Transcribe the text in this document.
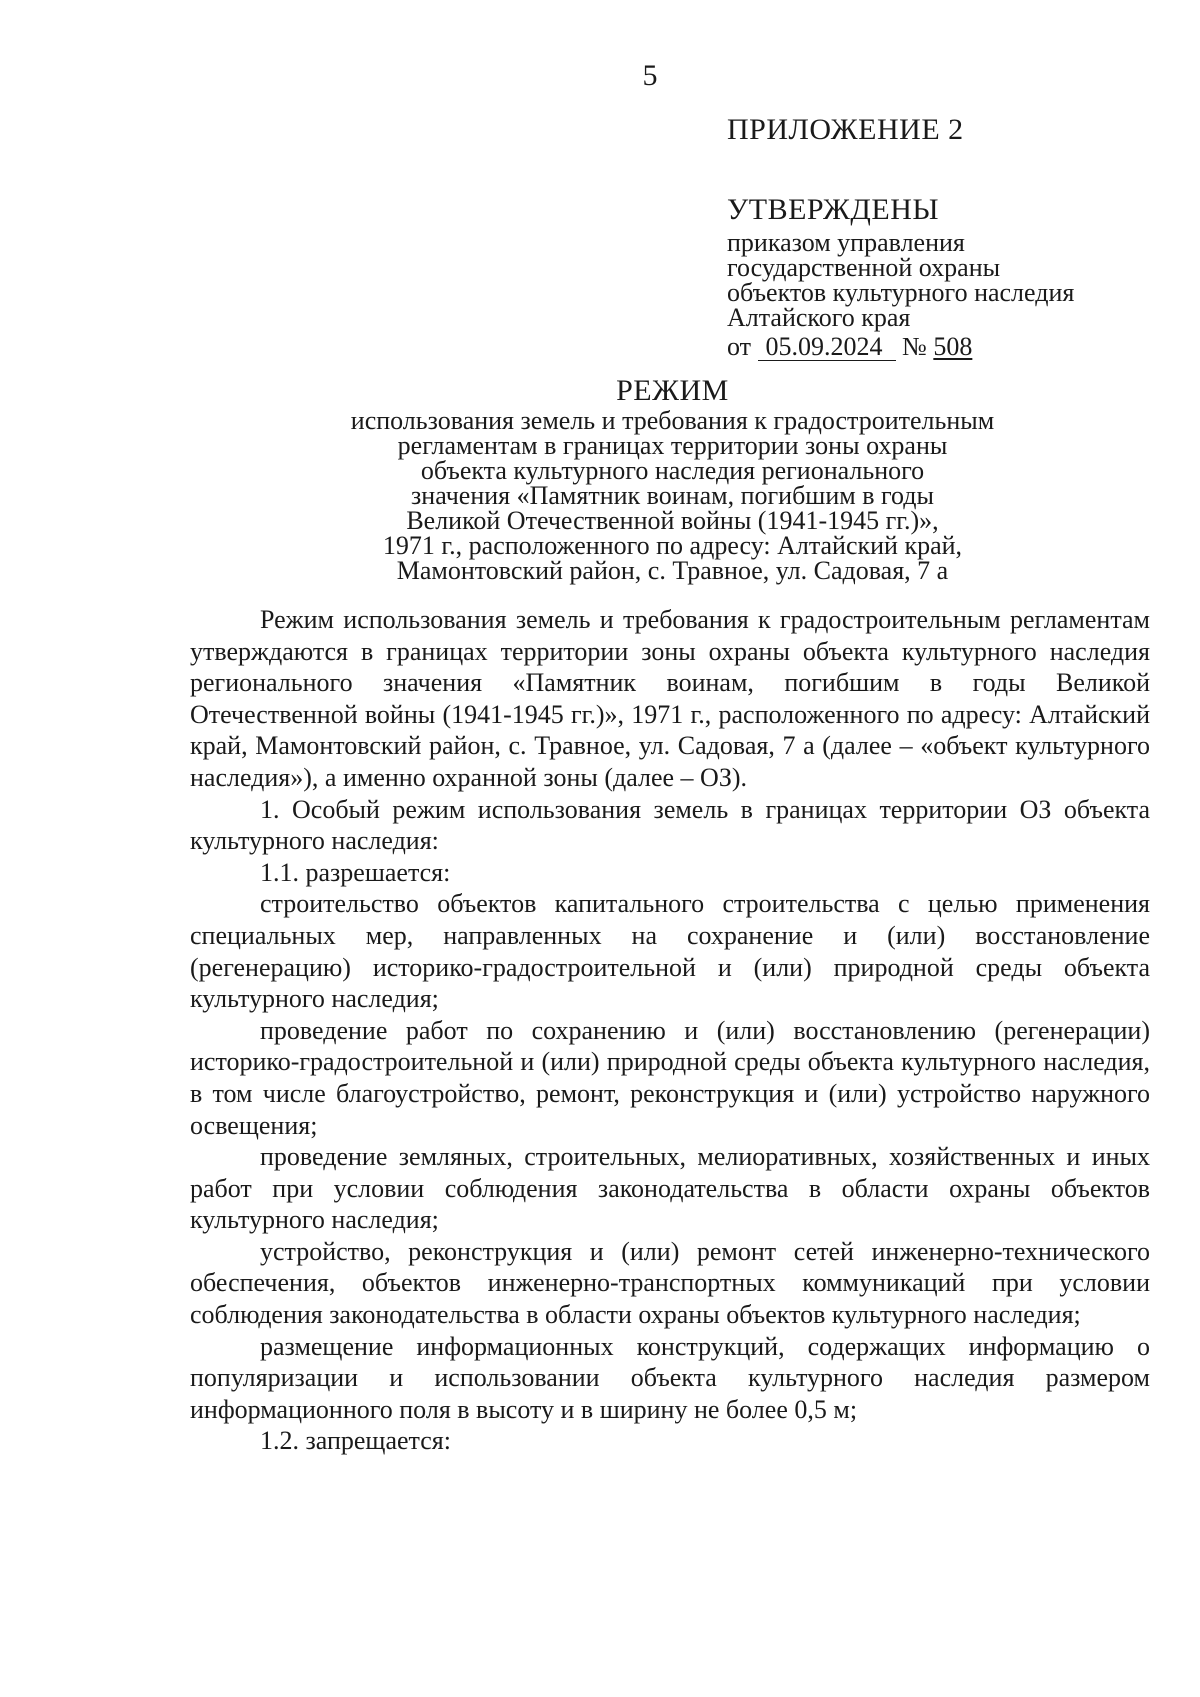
5

ПРИЛОЖЕНИЕ 2

УТВЕРЖДЕНЫ

приказом управления
государственной охраны
объектов культурного наследия
Алтайского края
от 05.09.2024 № 508

РЕЖИМ

использования земель и требования к градостроительным
регламентам в границах территории зоны охраны
объекта культурного наследия регионального
значения «Памятник воинам, погибшим в годы
Великой Отечественной войны (1941-1945 гг.)»,
1971 г., расположенного по адресу: Алтайский край,
Мамонтовский район, с. Травное, ул. Садовая, 7 а

Режим использования земель и требования к градостроительным регламентам утверждаются в границах территории зоны охраны объекта культурного наследия регионального значения «Памятник воинам, погибшим в годы Великой Отечественной войны (1941-1945 гг.)», 1971 г., расположенного по адресу: Алтайский край, Мамонтовский район, с. Травное, ул. Садовая, 7 а (далее – «объект культурного наследия»), а именно охранной зоны (далее – ОЗ).

1. Особый режим использования земель в границах территории ОЗ объекта культурного наследия:

1.1. разрешается:

строительство объектов капитального строительства с целью применения специальных мер, направленных на сохранение и (или) восстановление (регенерацию) историко-градостроительной и (или) природной среды объекта культурного наследия;

проведение работ по сохранению и (или) восстановлению (регенерации) историко-градостроительной и (или) природной среды объекта культурного наследия, в том числе благоустройство, ремонт, реконструкция и (или) устройство наружного освещения;

проведение земляных, строительных, мелиоративных, хозяйственных и иных работ при условии соблюдения законодательства в области охраны объектов культурного наследия;

устройство, реконструкция и (или) ремонт сетей инженерно-технического обеспечения, объектов инженерно-транспортных коммуникаций при условии соблюдения законодательства в области охраны объектов культурного наследия;

размещение информационных конструкций, содержащих информацию о популяризации и использовании объекта культурного наследия размером информационного поля в высоту и в ширину не более 0,5 м;

1.2. запрещается:
